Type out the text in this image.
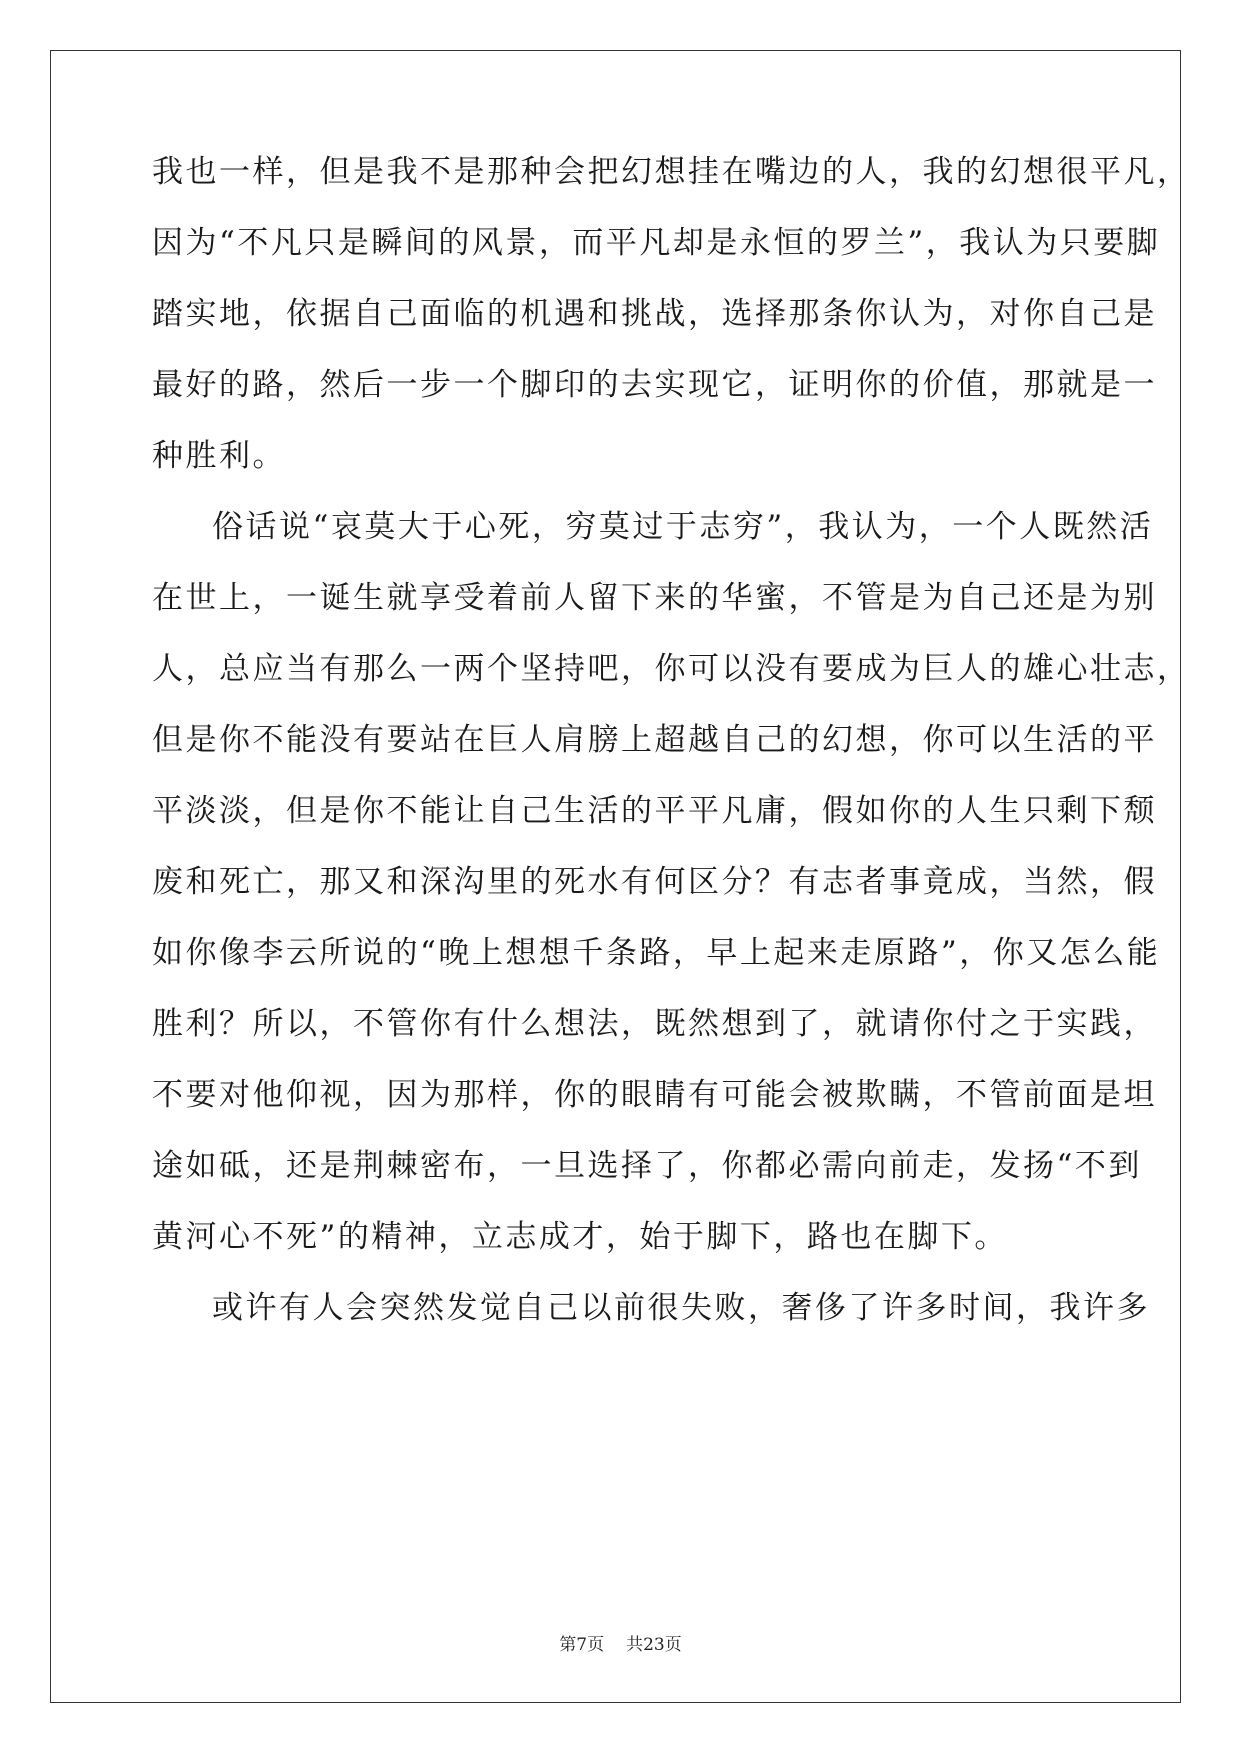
我也一样，但是我不是那种会把幻想挂在嘴边的人，我的幻想很平凡，
因为“不凡只是瞬间的风景，而平凡却是永恒的罗兰”，我认为只要脚
踏实地，依据自己面临的机遇和挑战，选择那条你认为，对你自己是
最好的路，然后一步一个脚印的去实现它，证明你的价值，那就是一
种胜利。
俗话说“哀莫大于心死，穷莫过于志穷”，我认为，一个人既然活
在世上，一诞生就享受着前人留下来的华蜜，不管是为自己还是为别
人，总应当有那么一两个坚持吧，你可以没有要成为巨人的雄心壮志，
但是你不能没有要站在巨人肩膀上超越自己的幻想，你可以生活的平
平淡淡，但是你不能让自己生活的平平凡庸，假如你的人生只剩下颓
废和死亡，那又和深沟里的死水有何区分？有志者事竟成，当然，假
如你像李云所说的“晚上想想千条路，早上起来走原路”，你又怎么能
胜利？所以，不管你有什么想法，既然想到了，就请你付之于实践，
不要对他仰视，因为那样，你的眼睛有可能会被欺瞒，不管前面是坦
途如砥，还是荆棘密布，一旦选择了，你都必需向前走，发扬“不到
黄河心不死”的精神，立志成才，始于脚下，路也在脚下。
或许有人会突然发觉自己以前很失败，奢侈了许多时间，我许多
第7页 共23页
